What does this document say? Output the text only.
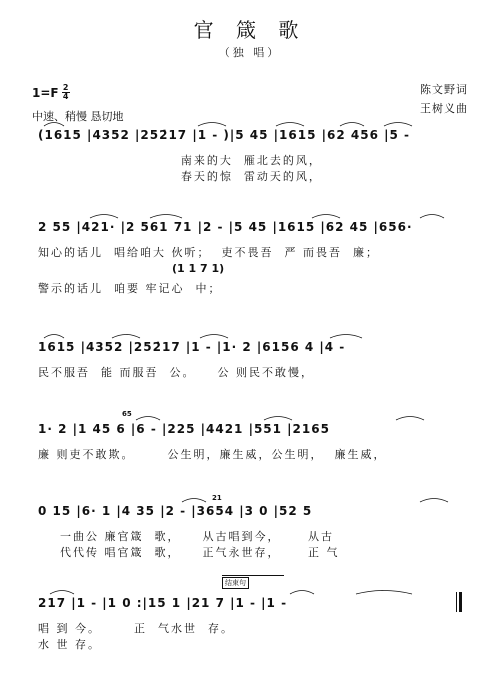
官 箴 歌
（独 唱）
陈文野词
王树义曲
1=F 2
4
中速、稍慢 恳切地
(1615 |4352 |252̇17 |1 - )|5 45 |1615 |62 456 |5 -
南来的大  雁北去的风，
春天的惊  雷动天的风，
2 55 |421· |2 561 71 |2 - |5 45 |1615 |62 45 |656·
知心的话儿  唱给咱大 伙听；  吏不畏吾  严 而畏吾  廉；
(1 1 7 1)
警示的话儿  咱要 牢记心  中；
1615 |4352 |252̇17 |1 - |1· 2 |6156 4 |4 -
民不服吾  能 而服吾  公。    公 则民不敢慢，
65
1· 2 |1 45 6 |6 - |225 |4421 |551 |2165
廉 则吏不敢欺。      公生明，廉生威，公生明，  廉生威，
21
0 15 |6· 1 |4 35 |2 - |3654 |3 0 |52 5
一曲公 廉官箴  歌，    从古唱到今，     从古
代代传 唱官箴  歌，    正气永世存，     正 气
结束句
217 |1 - |1 0 :|15 1 |21 7 |1 - |1 -
唱 到 今。      正  气水世  存。
水 世 存。
